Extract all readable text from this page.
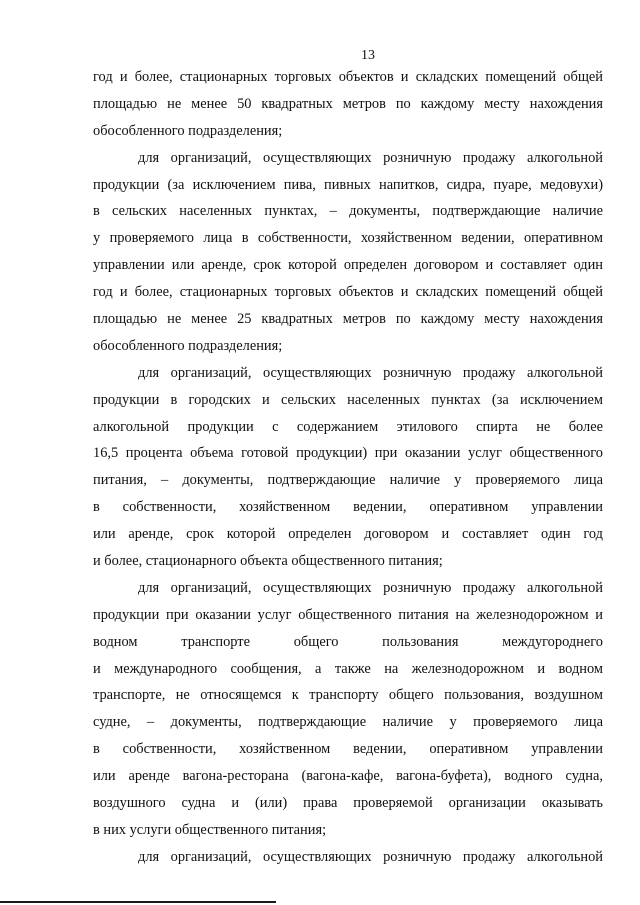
13
год и более, стационарных торговых объектов и складских помещений общей
площадью не менее 50 квадратных метров по каждому месту нахождения
обособленного подразделения;
для организаций, осуществляющих розничную продажу алкогольной
продукции (за исключением пива, пивных напитков, сидра, пуаре, медовухи)
в сельских населенных пунктах, – документы, подтверждающие наличие
у проверяемого лица в собственности, хозяйственном ведении, оперативном
управлении или аренде, срок которой определен договором и составляет один
год и более, стационарных торговых объектов и складских помещений общей
площадью не менее 25 квадратных метров по каждому месту нахождения
обособленного подразделения;
для организаций, осуществляющих розничную продажу алкогольной
продукции в городских и сельских населенных пунктах (за исключением
алкогольной продукции с содержанием этилового спирта не более
16,5 процента объема готовой продукции) при оказании услуг общественного
питания, – документы, подтверждающие наличие у проверяемого лица
в собственности, хозяйственном ведении, оперативном управлении
или аренде, срок которой определен договором и составляет один год
и более, стационарного объекта общественного питания;
для организаций, осуществляющих розничную продажу алкогольной
продукции при оказании услуг общественного питания на железнодорожном и
водном транспорте общего пользования междугороднего
и международного сообщения, а также на железнодорожном и водном
транспорте, не относящемся к транспорту общего пользования, воздушном
судне, – документы, подтверждающие наличие у проверяемого лица
в собственности, хозяйственном ведении, оперативном управлении
или аренде вагона-ресторана (вагона-кафе, вагона-буфета), водного судна,
воздушного судна и (или) права проверяемой организации оказывать
в них услуги общественного питания;
для организаций, осуществляющих розничную продажу алкогольной
